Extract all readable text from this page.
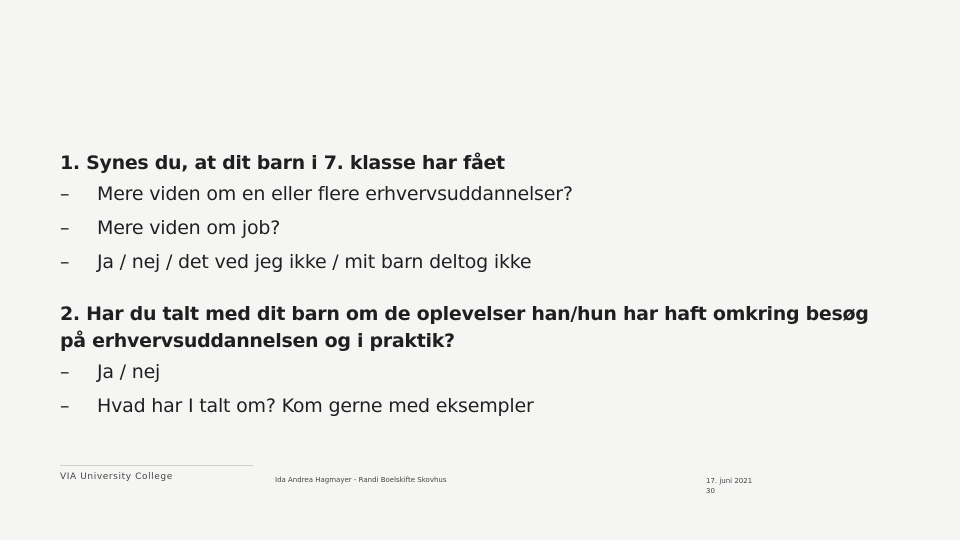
1. Synes du, at dit barn i 7. klasse har fået

–	Mere viden om en eller flere erhvervsuddannelser?
–	Mere viden om job?
–	Ja / nej / det ved jeg ikke / mit barn deltog ikke

2. Har du talt med dit barn om de oplevelser han/hun har haft omkring besøg
på erhvervsuddannelsen og i praktik?

–	Ja / nej
–	Hvad har I talt om? Kom gerne med eksempler
VIA University College	Ida Andrea Hagmayer - Randi Boelskifte Skovhus	17. juni 2021
30
